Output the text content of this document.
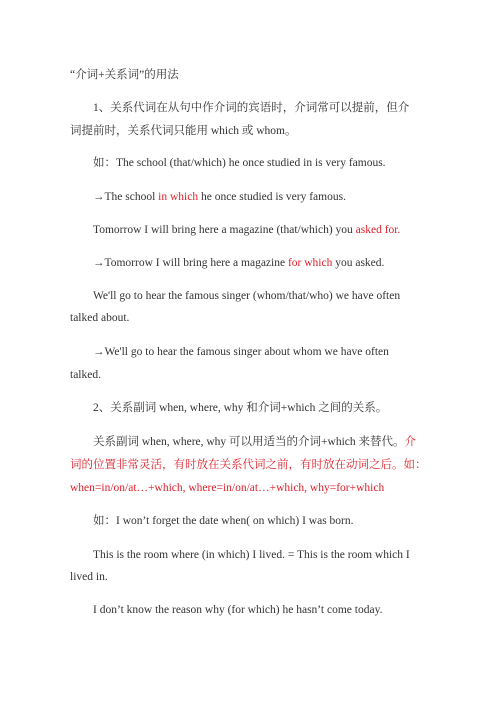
“介词+关系词”的用法
1、关系代词在从句中作介词的宾语时，介词常可以提前，但介
词提前时，关系代词只能用 which 或 whom。
如：The school (that/which) he once studied in is very famous.
→The school in which he once studied is very famous.
Tomorrow I will bring here a magazine (that/which) you asked for.
→Tomorrow I will bring here a magazine for which you asked.
We'll go to hear the famous singer (whom/that/who) we have often
talked about.
→We'll go to hear the famous singer about whom we have often
talked.
2、关系副词 when, where, why 和介词+which 之间的关系。
关系副词 when, where, why 可以用适当的介词+which 来替代。介
词的位置非常灵活，有时放在关系代词之前，有时放在动词之后。如：
when=in/on/at…+which, where=in/on/at…+which, why=for+which
如：I won’t forget the date when( on which) I was born.
This is the room where (in which) I lived. = This is the room which I
lived in.
I don’t know the reason why (for which) he hasn’t come today.
